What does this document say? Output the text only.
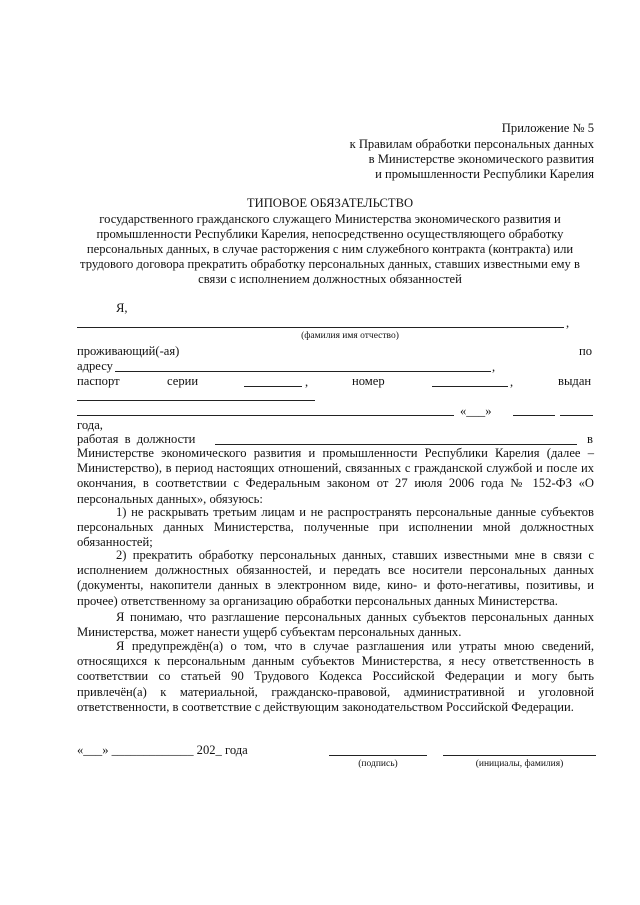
Приложение № 5
к Правилам обработки персональных данных
в Министерстве экономического развития
и промышленности Республики Карелия
ТИПОВОЕ ОБЯЗАТЕЛЬСТВО
государственного гражданского служащего Министерства экономического развития и
промышленности Республики Карелия, непосредственно осуществляющего обработку
персональных данных, в случае расторжения с ним служебного контракта (контракта) или
трудового договора прекратить обработку персональных данных, ставших известными ему в
связи с исполнением должностных обязанностей
Я,
,
(фамилия имя отчество)
проживающий(-ая)	по
адресу	,
паспорт	серии	,	номер	,	выдан
«___»
года,
работая в должности	в
Министерстве экономического развития и промышленности Республики Карелия (далее – Министерство), в период настоящих отношений, связанных с гражданской службой и после их окончания, в соответствии с Федеральным законом от 27 июля 2006 года № 152-ФЗ «О персональных данных», обязуюсь:
1) не раскрывать третьим лицам и не распространять персональные данные субъектов персональных данных Министерства, полученные при исполнении мной должностных обязанностей;
2) прекратить обработку персональных данных, ставших известными мне в связи с исполнением должностных обязанностей, и передать все носители персональных данных (документы, накопители данных в электронном виде, кино- и фото-негативы, позитивы, и прочее) ответственному за организацию обработки персональных данных Министерства.
Я понимаю, что разглашение персональных данных субъектов персональных данных Министерства, может нанести ущерб субъектам персональных данных.
Я предупреждён(а) о том, что в случае разглашения или утраты мною сведений, относящихся к персональным данным субъектов Министерства, я несу ответственность в соответствии со статьей 90 Трудового Кодекса Российской Федерации и могу быть привлечён(а) к материальной, гражданско-правовой, административной и уголовной ответственности, в соответствие с действующим законодательством Российской Федерации.
«___» _____________ 202_ года
(подпись)	(инициалы, фамилия)
